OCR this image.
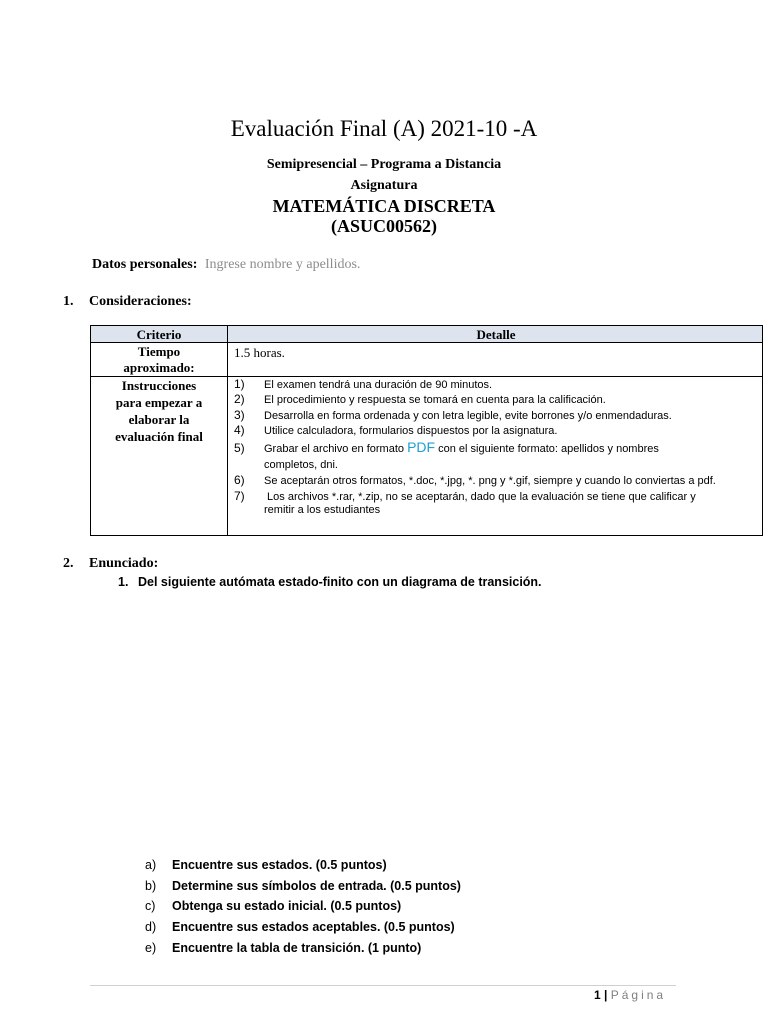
Evaluación Final (A) 2021-10 -A
Semipresencial – Programa a Distancia
Asignatura
MATEMÁTICA DISCRETA
(ASUC00562)
Datos personales: Ingrese nombre y apellidos.
1. Consideraciones:
Criterio	Detalle
Tiempo
aproximado:
1.5 horas.
Instrucciones
para empezar a
elaborar la
evaluación final
1) El examen tendrá una duración de 90 minutos.
2) El procedimiento y respuesta se tomará en cuenta para la calificación.
3) Desarrolla en forma ordenada y con letra legible, evite borrones y/o enmendaduras.
4) Utilice calculadora, formularios dispuestos por la asignatura.
5) Grabar el archivo en formato PDF con el siguiente formato: apellidos y nombres
completos, dni.
6) Se aceptarán otros formatos, *.doc, *.jpg, *. png y *.gif, siempre y cuando lo conviertas a pdf.
7) Los archivos *.rar, *.zip, no se aceptarán, dado que la evaluación se tiene que calificar y
remitir a los estudiantes
2. Enunciado:
1. Del siguiente autómata estado-finito con un diagrama de transición.
a) Encuentre sus estados. (0.5 puntos)
b) Determine sus símbolos de entrada. (0.5 puntos)
c) Obtenga su estado inicial. (0.5 puntos)
d) Encuentre sus estados aceptables. (0.5 puntos)
e) Encuentre la tabla de transición. (1 punto)
1 | Página
